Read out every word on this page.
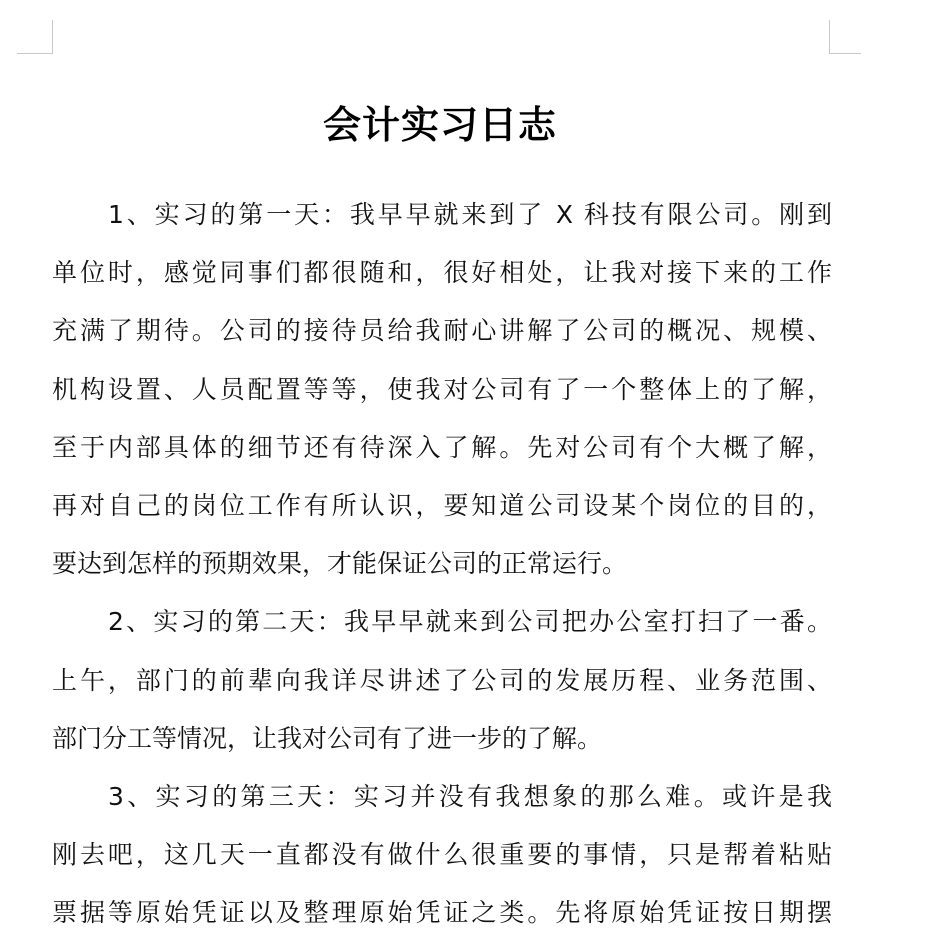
会计实习日志
1、实习的第一天：我早早就来到了 X 科技有限公司。刚到
单位时，感觉同事们都很随和，很好相处，让我对接下来的工作
充满了期待。公司的接待员给我耐心讲解了公司的概况、规模、
机构设置、人员配置等等，使我对公司有了一个整体上的了解，
至于内部具体的细节还有待深入了解。先对公司有个大概了解，
再对自己的岗位工作有所认识，要知道公司设某个岗位的目的，
要达到怎样的预期效果，才能保证公司的正常运行。
2、实习的第二天：我早早就来到公司把办公室打扫了一番。
上午，部门的前辈向我详尽讲述了公司的发展历程、业务范围、
部门分工等情况，让我对公司有了进一步的了解。
3、实习的第三天：实习并没有我想象的那么难。或许是我
刚去吧，这几天一直都没有做什么很重要的事情，只是帮着粘贴
票据等原始凭证以及整理原始凭证之类。先将原始凭证按日期摆
